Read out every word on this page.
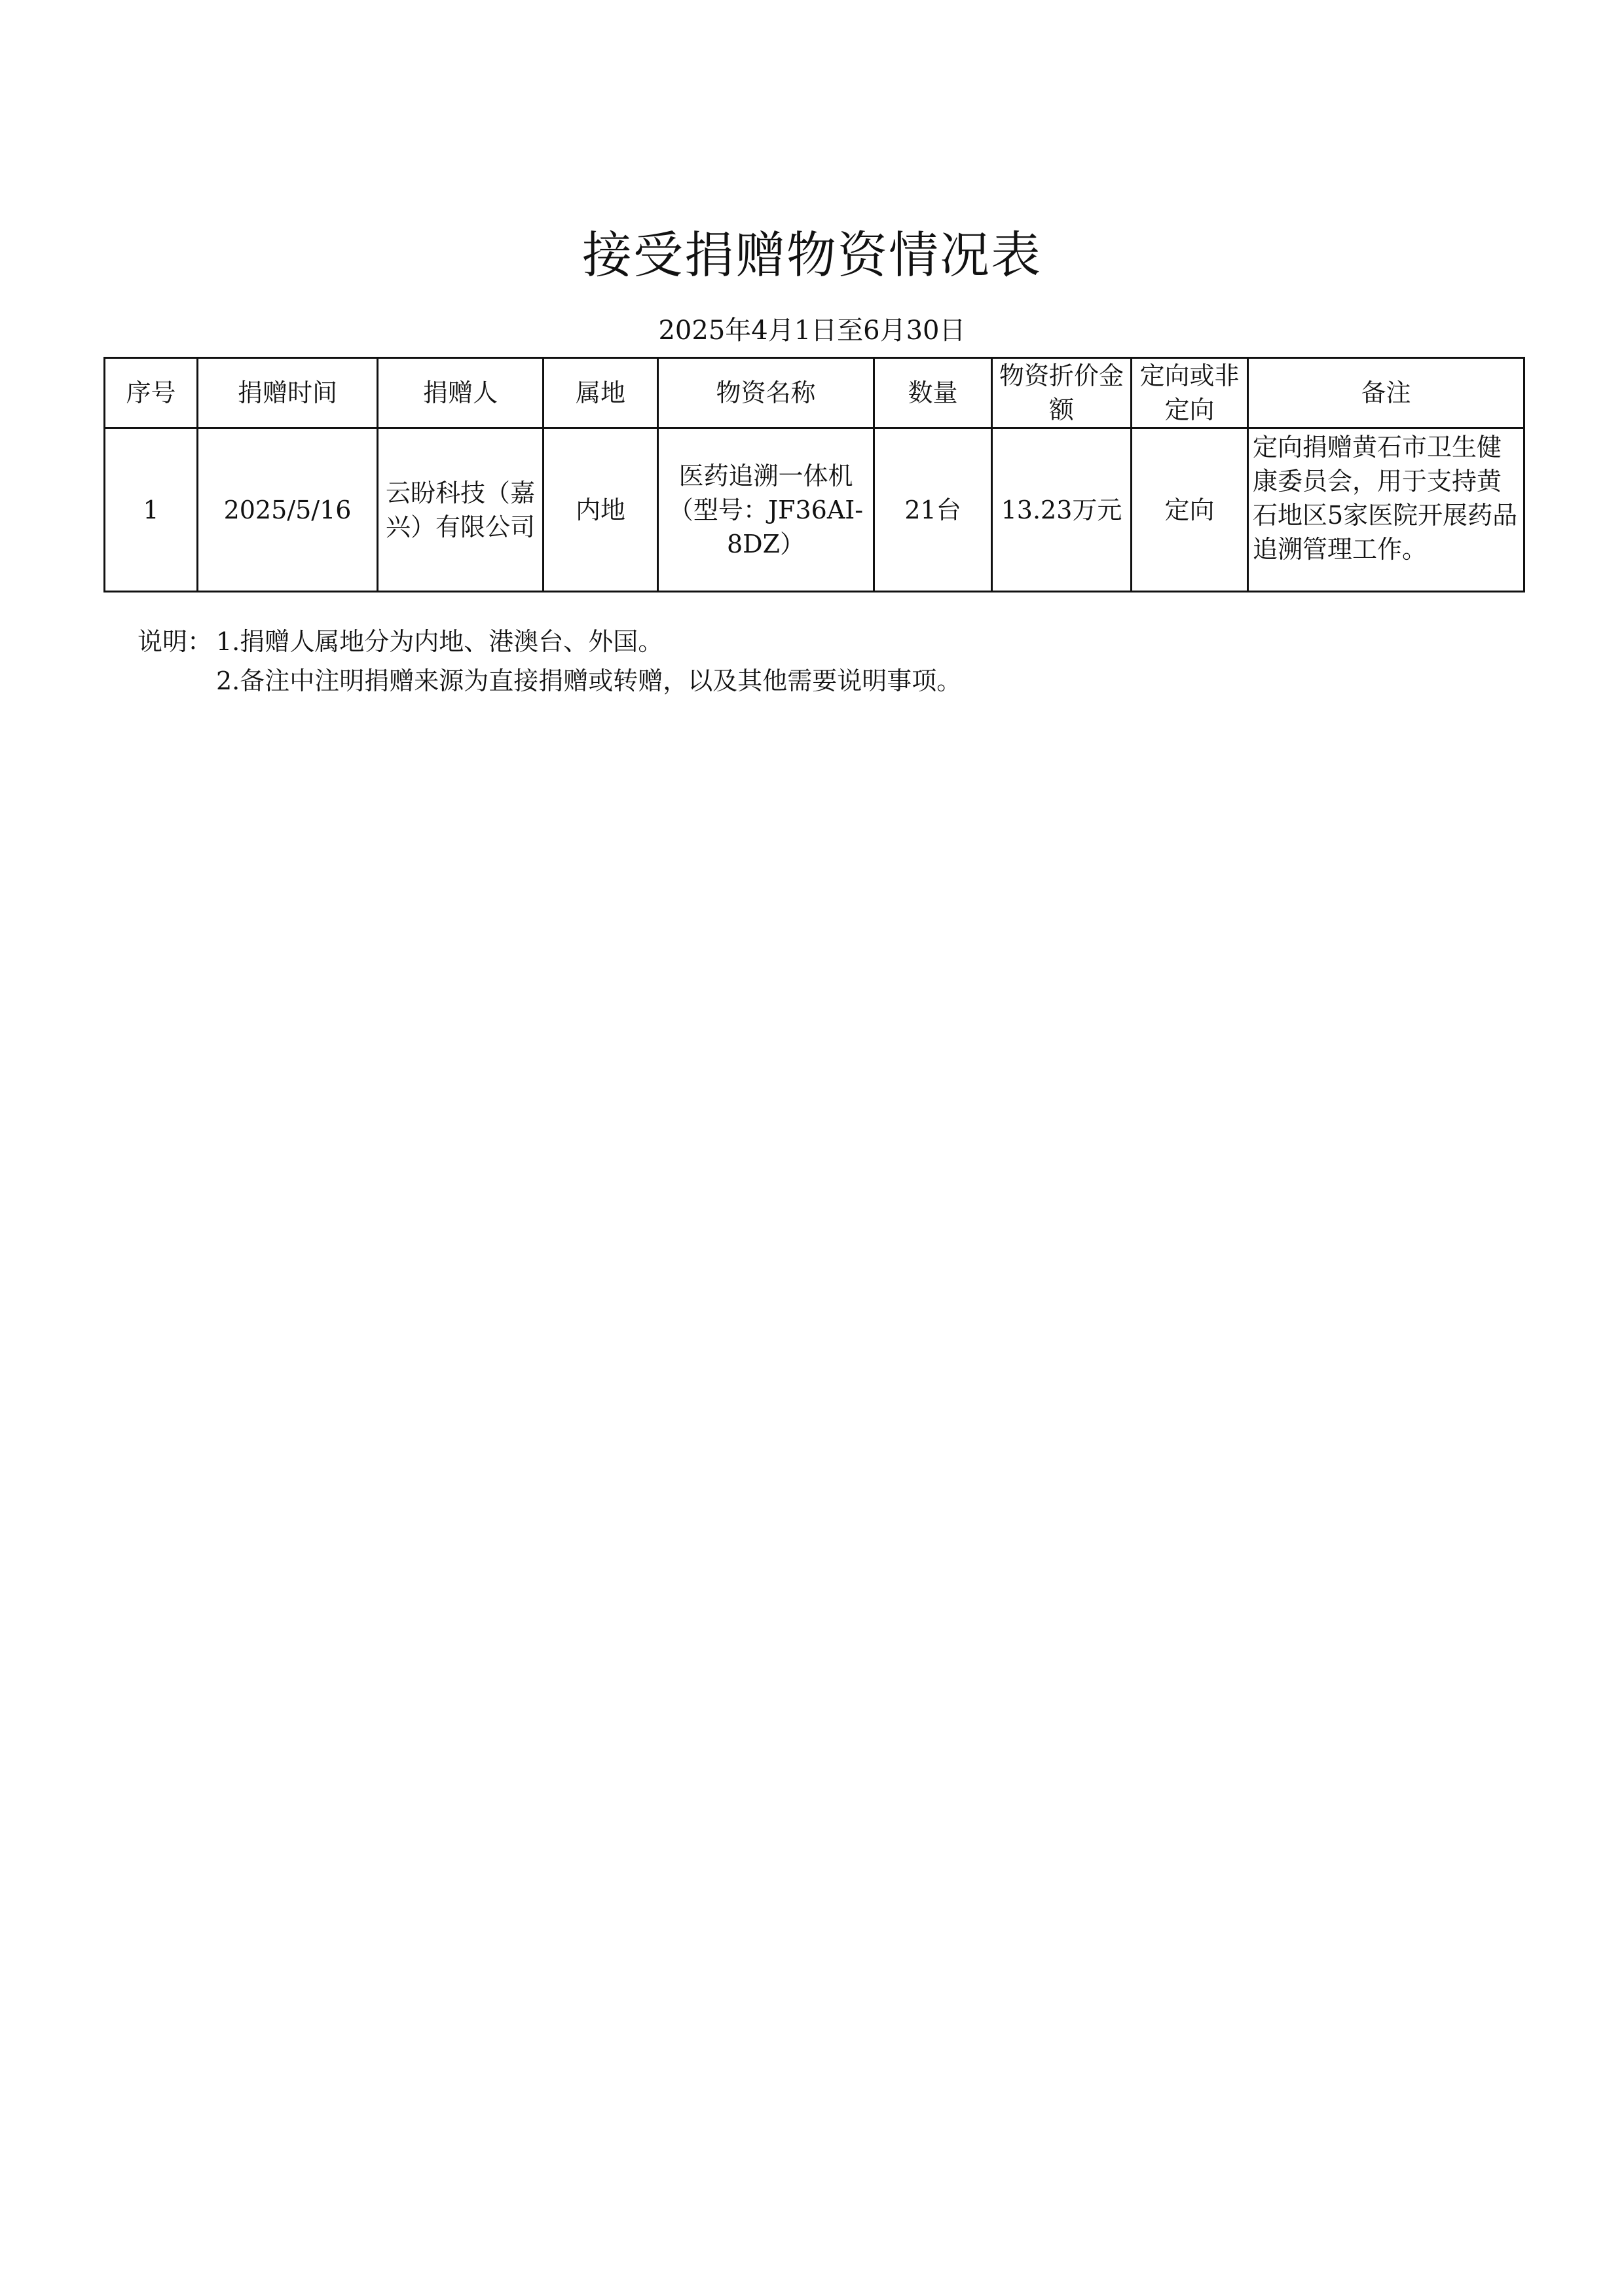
接受捐赠物资情况表
2025年4月1日至6月30日
序号	捐赠时间	捐赠人	属地	物资名称	数量	物资折价金额	定向或非定向	备注
1	2025/5/16	云盼科技（嘉兴）有限公司	内地	医药追溯一体机（型号：JF36AI-8DZ）	21台	13.23万元	定向	定向捐赠黄石市卫生健康委员会，用于支持黄石地区5家医院开展药品追溯管理工作。
说明： 1.捐赠人属地分为内地、港澳台、外国。
2.备注中注明捐赠来源为直接捐赠或转赠，以及其他需要说明事项。
